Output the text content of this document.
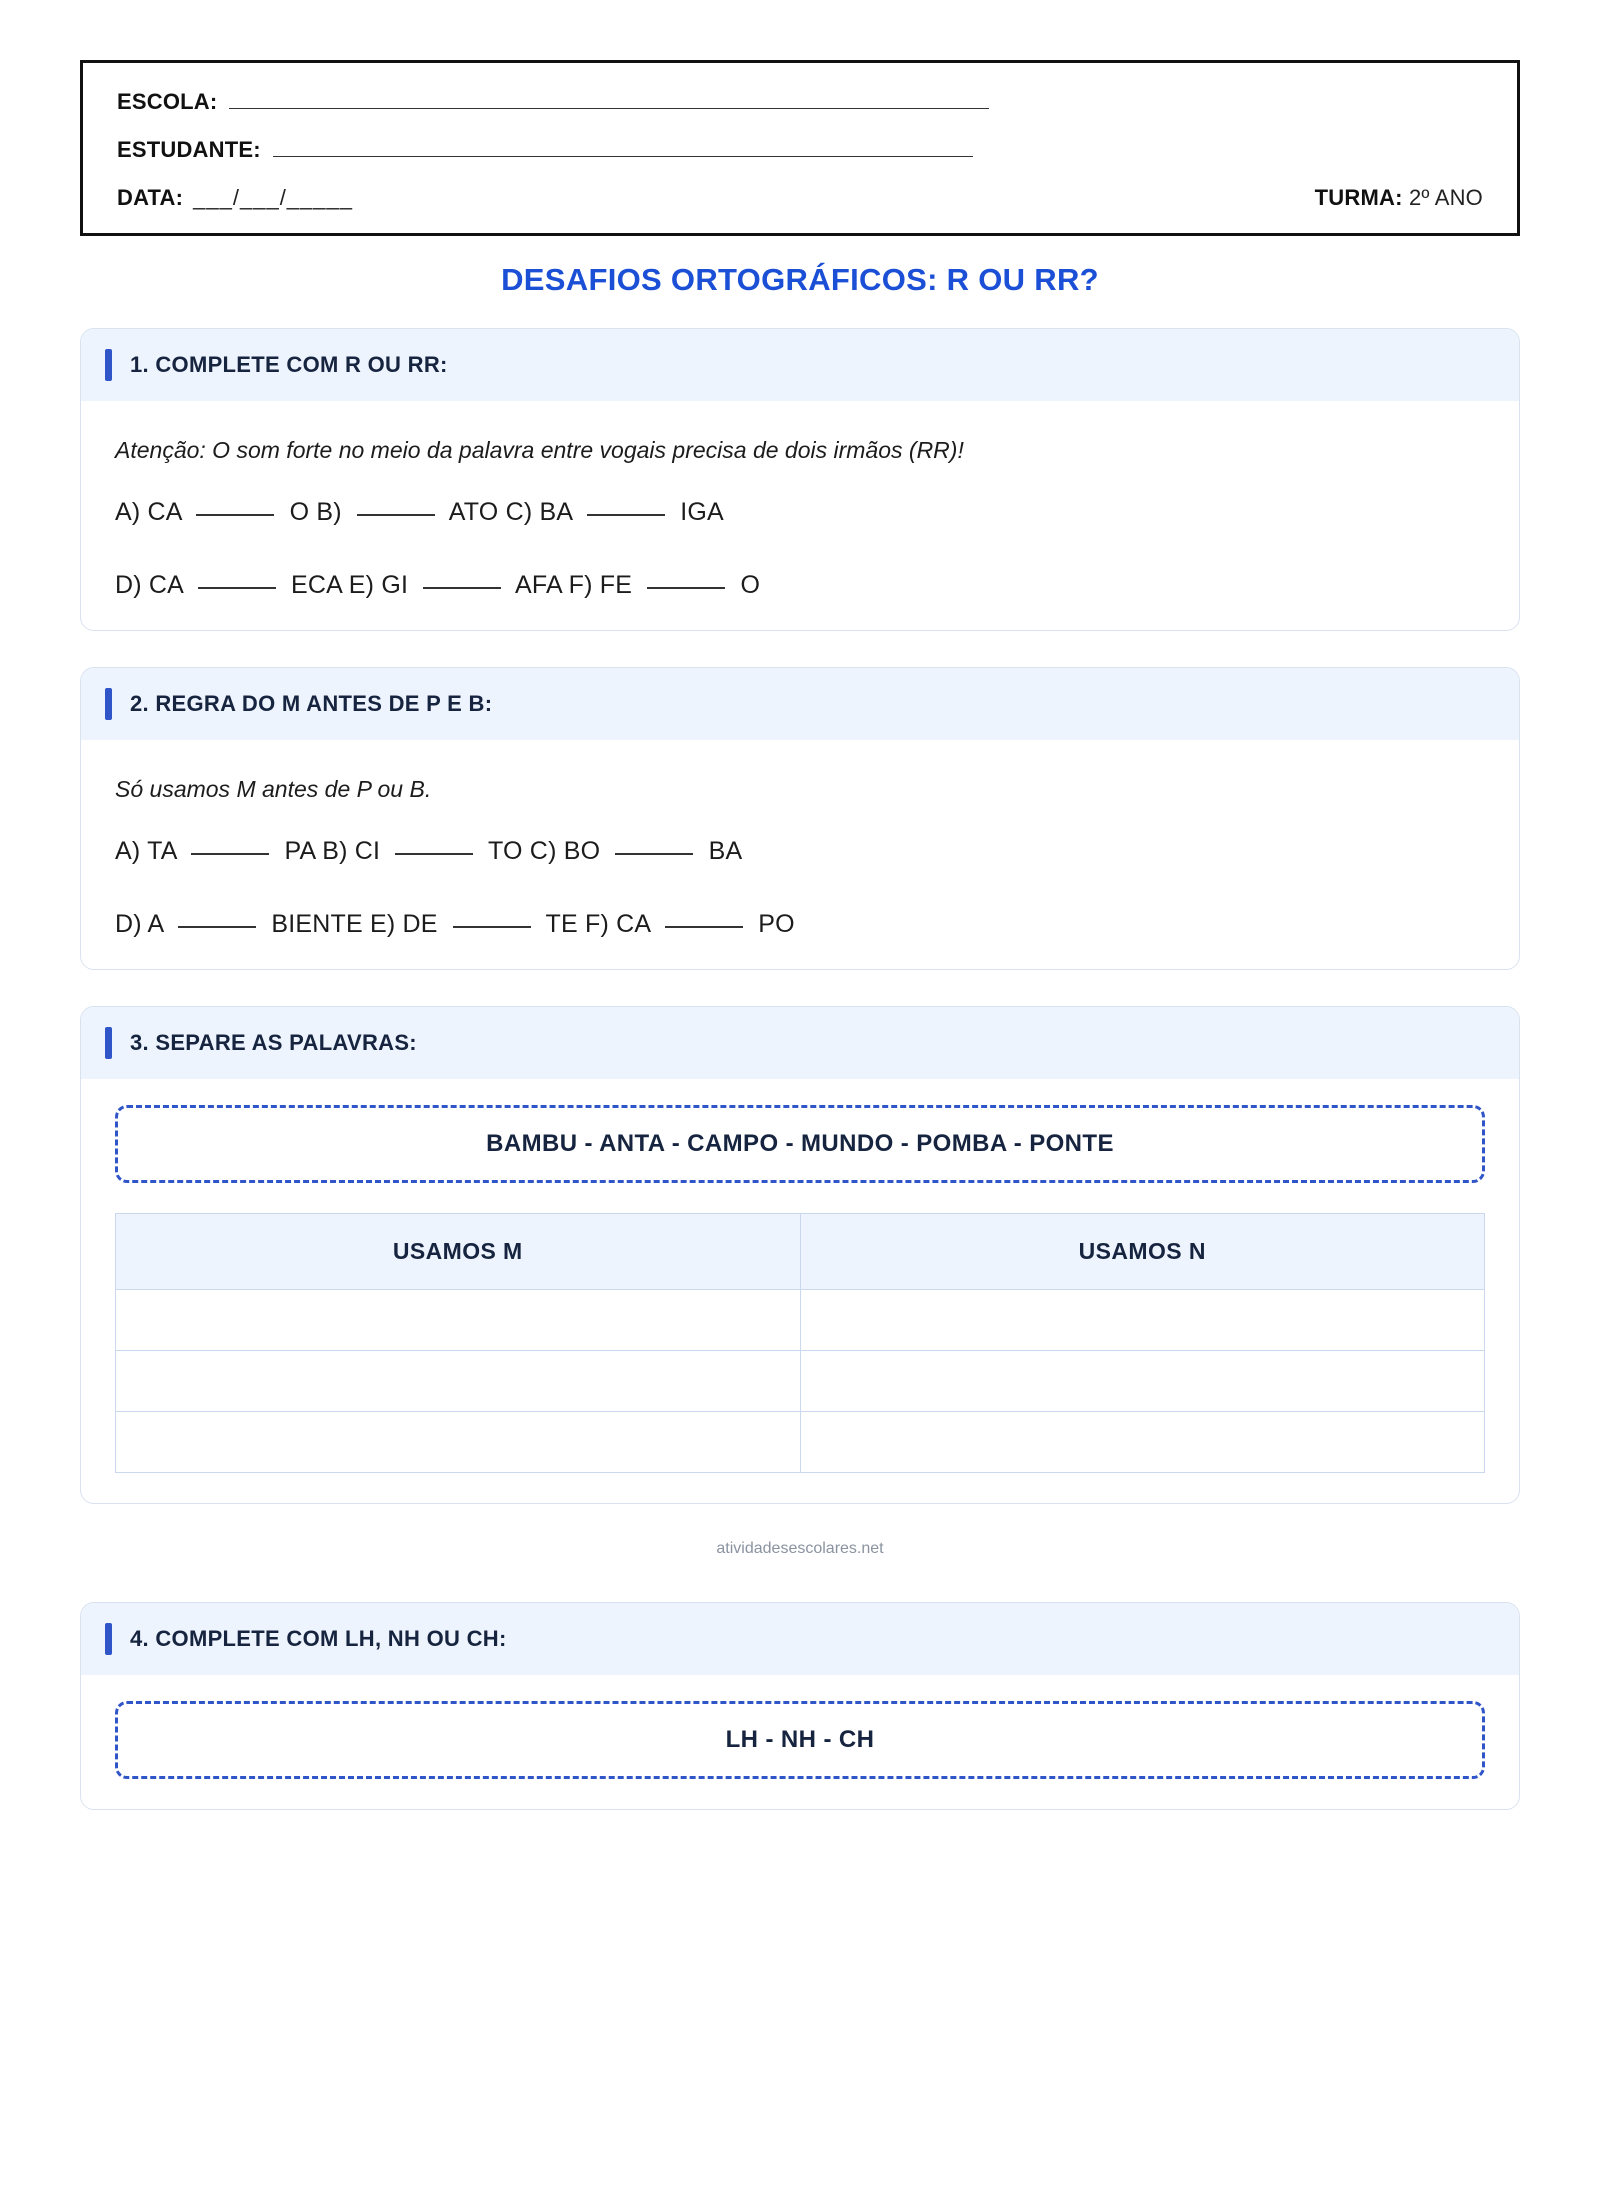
ESCOLA:
ESTUDANTE:
DATA: ___/___/_____	TURMA: 2º ANO
DESAFIOS ORTOGRÁFICOS: R OU RR?
1. COMPLETE COM R OU RR:
Atenção: O som forte no meio da palavra entre vogais precisa de dois irmãos (RR)!
A) CA	O B)	ATO C) BA	IGA
D) CA	ECA E) GI	AFA F) FE	O
2. REGRA DO M ANTES DE P E B:
Só usamos M antes de P ou B.
A) TA	PA B) CI	TO C) BO	BA
D) A	BIENTE E) DE	TE F) CA	PO
3. SEPARE AS PALAVRAS:
BAMBU - ANTA - CAMPO - MUNDO - POMBA - PONTE
USAMOS M	USAMOS N

atividadesescolares.net
4. COMPLETE COM LH, NH OU CH:
LH - NH - CH
